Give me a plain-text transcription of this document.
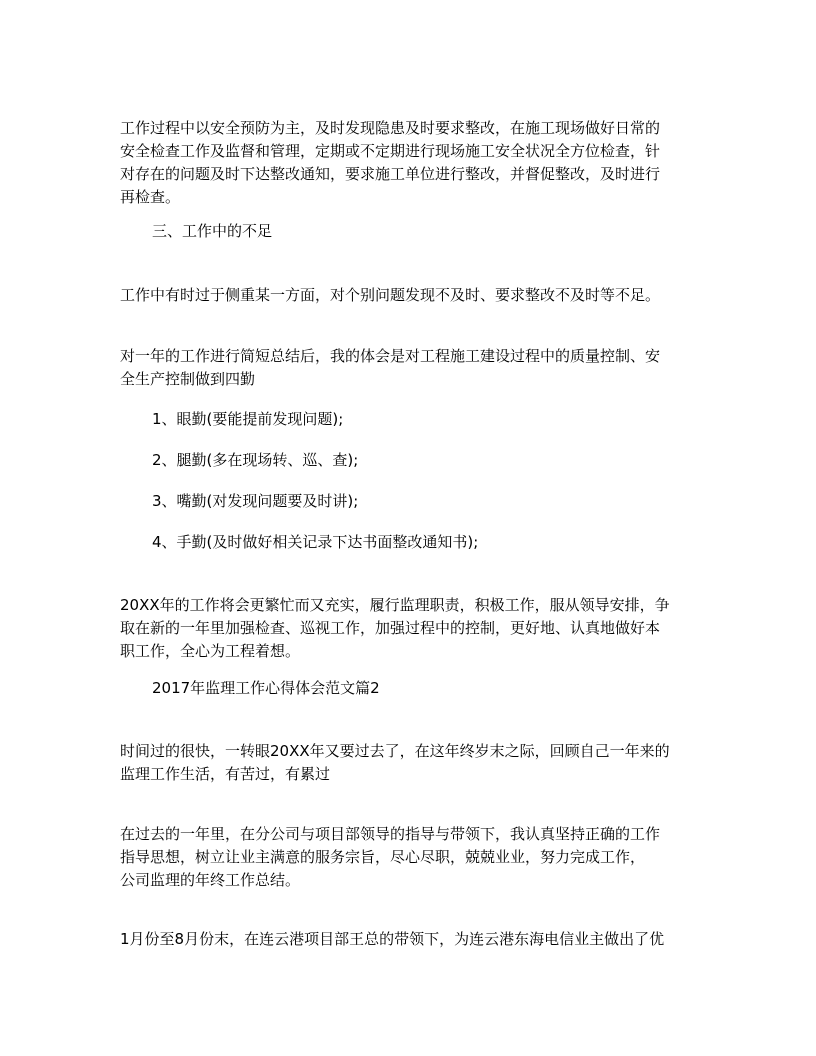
工作过程中以安全预防为主，及时发现隐患及时要求整改，在施工现场做好日常的
安全检查工作及监督和管理，定期或不定期进行现场施工安全状况全方位检查，针
对存在的问题及时下达整改通知，要求施工单位进行整改，并督促整改，及时进行
再检查。
三、工作中的不足
工作中有时过于侧重某一方面，对个别问题发现不及时、要求整改不及时等不足。
对一年的工作进行简短总结后，我的体会是对工程施工建设过程中的质量控制、安
全生产控制做到四勤
1、眼勤(要能提前发现问题);
2、腿勤(多在现场转、巡、查);
3、嘴勤(对发现问题要及时讲);
4、手勤(及时做好相关记录下达书面整改通知书);
20XX年的工作将会更繁忙而又充实，履行监理职责，积极工作，服从领导安排，争
取在新的一年里加强检查、巡视工作，加强过程中的控制，更好地、认真地做好本
职工作，全心为工程着想。
2017年监理工作心得体会范文篇2
时间过的很快，一转眼20XX年又要过去了，在这年终岁末之际，回顾自己一年来的
监理工作生活，有苦过，有累过
在过去的一年里，在分公司与项目部领导的指导与带领下，我认真坚持正确的工作
指导思想，树立让业主满意的服务宗旨，尽心尽职，兢兢业业，努力完成工作，
公司监理的年终工作总结。
1月份至8月份末，在连云港项目部王总的带领下，为连云港东海电信业主做出了优
